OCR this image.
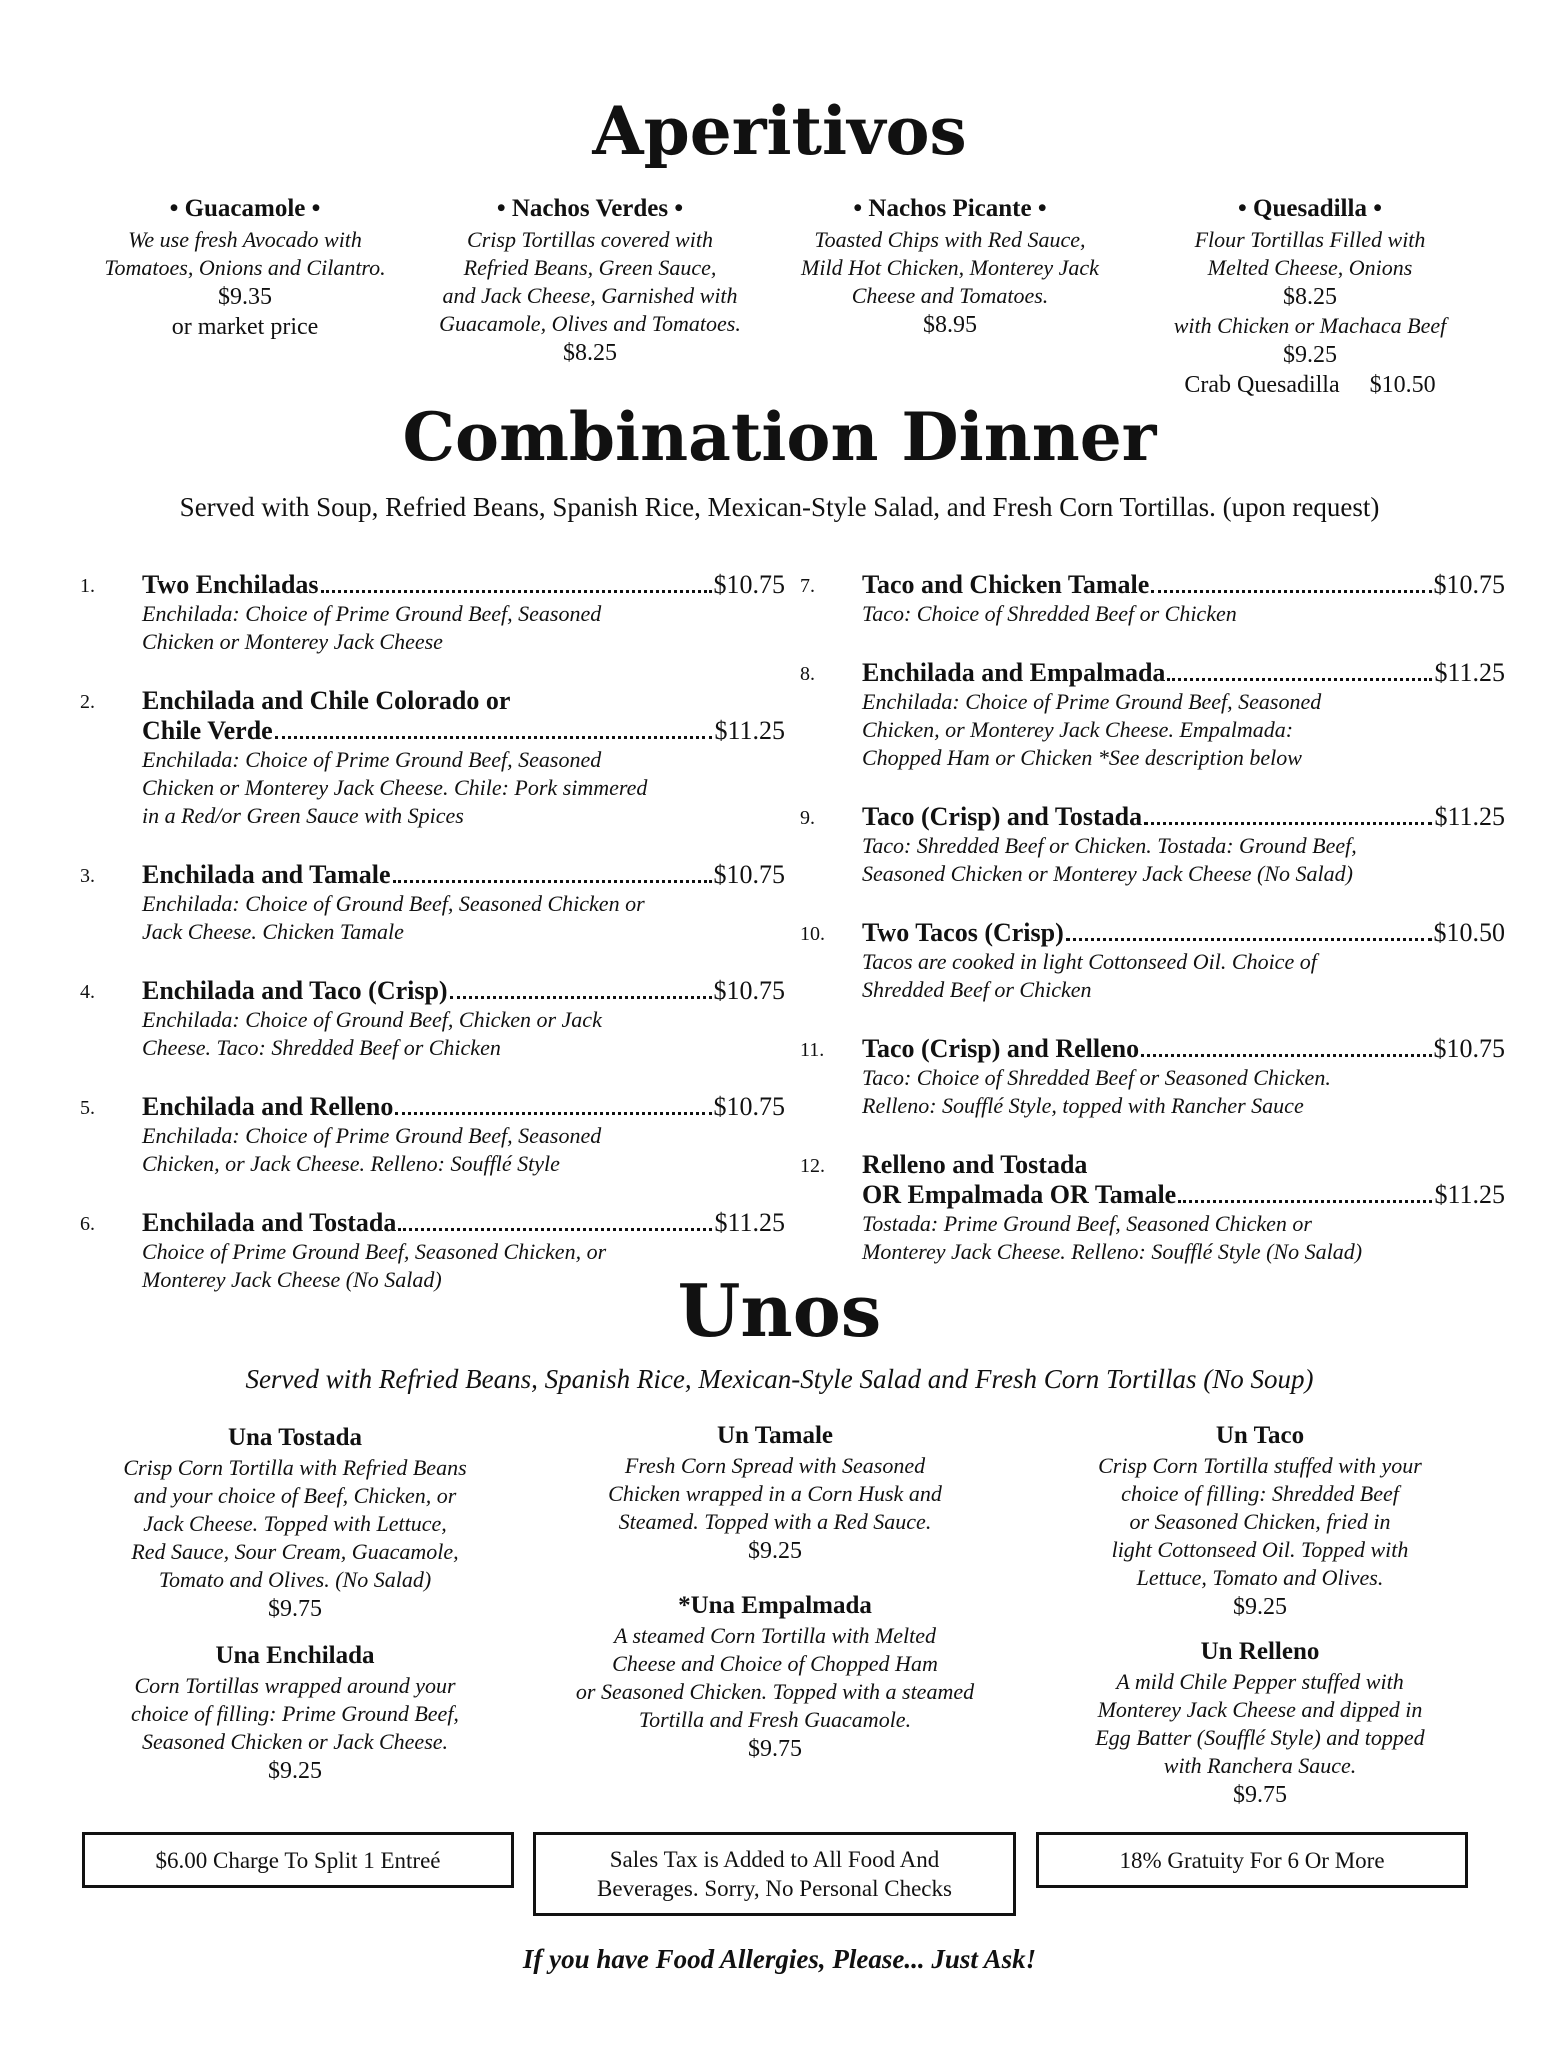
Aperitivos
Combination Dinner

Served with Soup, Refried Beans, Spanish Rice, Mexican-Style Salad, and Fresh Corn Tortillas. (upon request)

• Guacamole •
We use fresh Avocado with
Tomatoes, Onions and Cilantro.
$9.35
or market price
• Nachos Verdes •
Crisp Tortillas covered with
Refried Beans, Green Sauce,
and Jack Cheese, Garnished with
Guacamole, Olives and Tomatoes.
$8.25
• Nachos Picante •
Toasted Chips with Red Sauce,
Mild Hot Chicken, Monterey Jack
Cheese and Tomatoes.
$8.95
• Quesadilla •
Flour Tortillas Filled with
Melted Cheese, Onions
$8.25
with Chicken or Machaca Beef
$9.25
Crab Quesadilla $10.50
1. Two Enchiladas	$10.75
Enchilada: Choice of Prime Ground Beef, Seasoned
Chicken or Monterey Jack Cheese
2. Enchilada and Chile Colorado or
Chile Verde	$11.25
Enchilada: Choice of Prime Ground Beef, Seasoned
Chicken or Monterey Jack Cheese. Chile: Pork simmered
in a Red/or Green Sauce with Spices
3. Enchilada and Tamale	$10.75
Enchilada: Choice of Ground Beef, Seasoned Chicken or
Jack Cheese. Chicken Tamale
4. Enchilada and Taco (Crisp)	$10.75
Enchilada: Choice of Ground Beef, Chicken or Jack
Cheese. Taco: Shredded Beef or Chicken
5. Enchilada and Relleno	$10.75
Enchilada: Choice of Prime Ground Beef, Seasoned
Chicken, or Jack Cheese. Relleno: Soufflé Style
6. Enchilada and Tostada	$11.25
Choice of Prime Ground Beef, Seasoned Chicken, or
Monterey Jack Cheese (No Salad)
7. Taco and Chicken Tamale	$10.75
Taco: Choice of Shredded Beef or Chicken
8. Enchilada and Empalmada	$11.25
Enchilada: Choice of Prime Ground Beef, Seasoned
Chicken, or Monterey Jack Cheese. Empalmada:
Chopped Ham or Chicken *See description below
9. Taco (Crisp) and Tostada	$11.25
Taco: Shredded Beef or Chicken. Tostada: Ground Beef,
Seasoned Chicken or Monterey Jack Cheese (No Salad)
10. Two Tacos (Crisp)	$10.50
Tacos are cooked in light Cottonseed Oil. Choice of
Shredded Beef or Chicken
11. Taco (Crisp) and Relleno	$10.75
Taco: Choice of Shredded Beef or Seasoned Chicken.
Relleno: Soufflé Style, topped with Rancher Sauce
12. Relleno and Tostada
OR Empalmada OR Tamale	$11.25
Tostada: Prime Ground Beef, Seasoned Chicken or
Monterey Jack Cheese. Relleno: Soufflé Style (No Salad)
Unos

Served with Refried Beans, Spanish Rice, Mexican-Style Salad and Fresh Corn Tortillas (No Soup)

Una Tostada
Crisp Corn Tortilla with Refried Beans
and your choice of Beef, Chicken, or
Jack Cheese. Topped with Lettuce,
Red Sauce, Sour Cream, Guacamole,
Tomato and Olives. (No Salad)
$9.75
Una Enchilada
Corn Tortillas wrapped around your
choice of filling: Prime Ground Beef,
Seasoned Chicken or Jack Cheese.
$9.25
Un Tamale
Fresh Corn Spread with Seasoned
Chicken wrapped in a Corn Husk and
Steamed. Topped with a Red Sauce.
$9.25
*Una Empalmada
A steamed Corn Tortilla with Melted
Cheese and Choice of Chopped Ham
or Seasoned Chicken. Topped with a steamed
Tortilla and Fresh Guacamole.
$9.75
Un Taco
Crisp Corn Tortilla stuffed with your
choice of filling: Shredded Beef
or Seasoned Chicken, fried in
light Cottonseed Oil. Topped with
Lettuce, Tomato and Olives.
$9.25
Un Relleno
A mild Chile Pepper stuffed with
Monterey Jack Cheese and dipped in
Egg Batter (Soufflé Style) and topped
with Ranchera Sauce.
$9.75
$6.00 Charge To Split 1 Entreé	Sales Tax is Added to All Food And
Beverages. Sorry, No Personal Checks
18% Gratuity For 6 Or More

If you have Food Allergies, Please... Just Ask!
